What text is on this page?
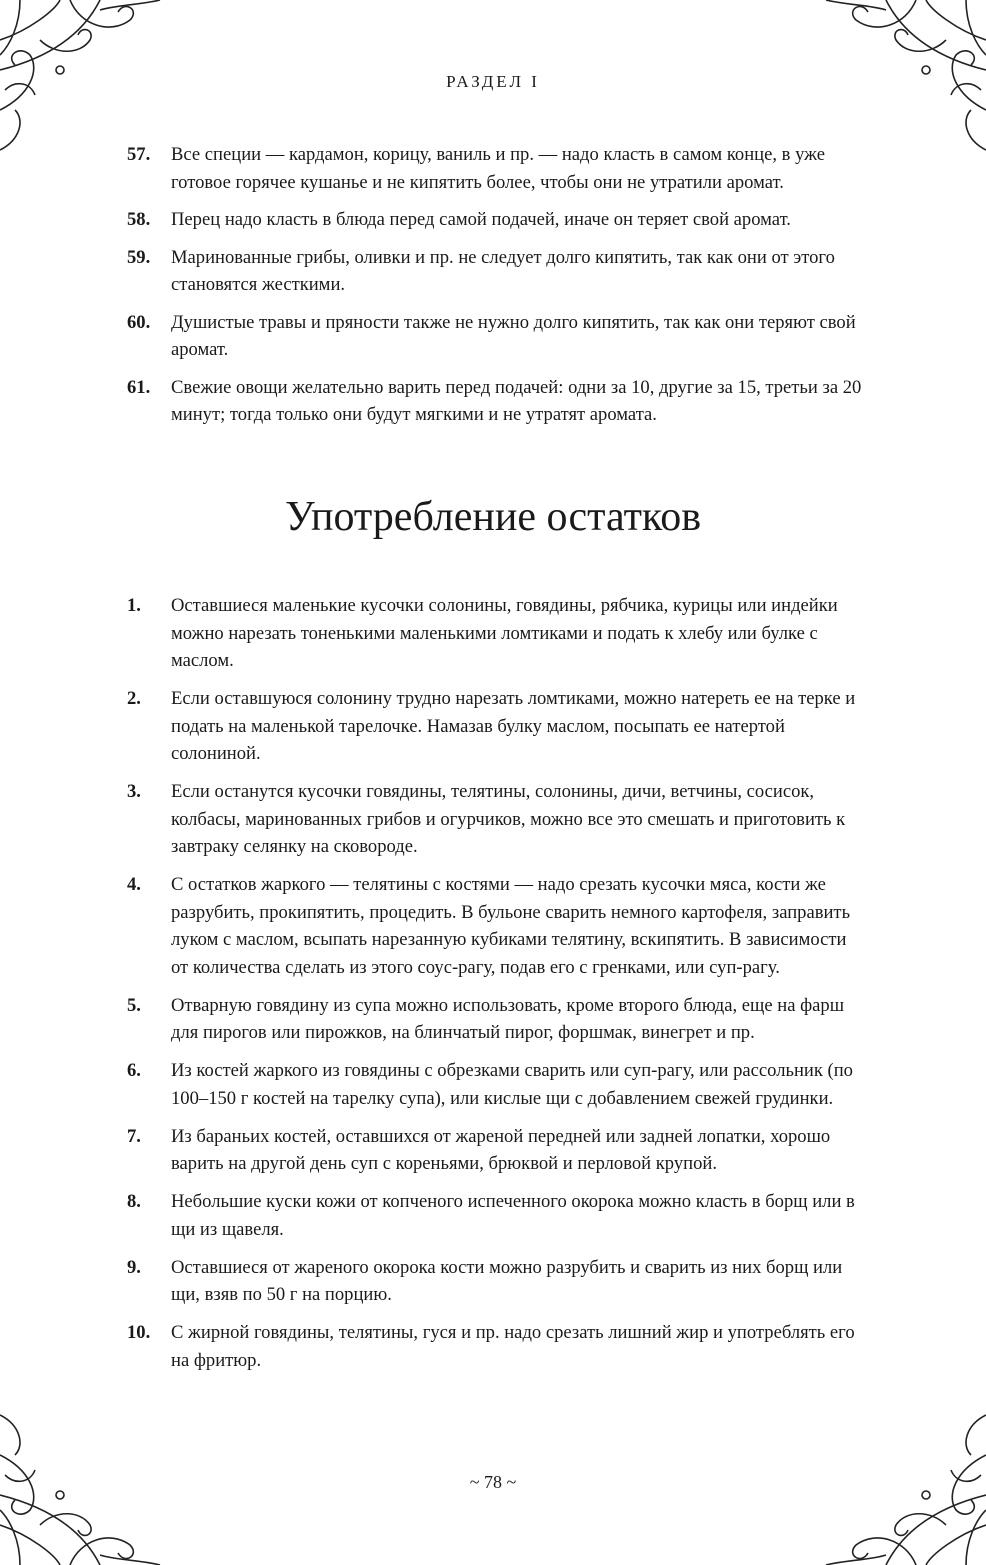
РАЗДЕЛ I
57.	Все специи — кардамон, корицу, ваниль и пр. — надо класть в самом конце, в уже готовое горячее кушанье и не кипятить более, чтобы они не утратили аромат.
58.	Перец надо класть в блюда перед самой подачей, иначе он теряет свой аромат.
59.	Маринованные грибы, оливки и пр. не следует долго кипятить, так как они от этого становятся жесткими.
60.	Душистые травы и пряности также не нужно долго кипятить, так как они теряют свой аромат.
61.	Свежие овощи желательно варить перед подачей: одни за 10, другие за 15, третьи за 20 минут; тогда только они будут мягкими и не утратят аромата.
Употребление остатков
1.	Оставшиеся маленькие кусочки солонины, говядины, рябчика, курицы или индейки можно нарезать тоненькими маленькими ломтиками и подать к хлебу или булке с маслом.
2.	Если оставшуюся солонину трудно нарезать ломтиками, можно натереть ее на терке и подать на маленькой тарелочке. Намазав булку маслом, посыпать ее натертой солониной.
3.	Если останутся кусочки говядины, телятины, солонины, дичи, ветчины, сосисок, колбасы, маринованных грибов и огурчиков, можно все это смешать и приготовить к завтраку селянку на сковороде.
4.	С остатков жаркого — телятины с костями — надо срезать кусочки мяса, кости же разрубить, прокипятить, процедить. В бульоне сварить немного картофеля, заправить луком с маслом, всыпать нарезанную кубиками телятину, вскипятить. В зависимости от количества сделать из этого соус-рагу, подав его с гренками, или суп-рагу.
5.	Отварную говядину из супа можно использовать, кроме второго блюда, еще на фарш для пирогов или пирожков, на блинчатый пирог, форшмак, винегрет и пр.
6.	Из костей жаркого из говядины с обрезками сварить или суп-рагу, или рассольник (по 100–150 г костей на тарелку супа), или кислые щи с добавлением свежей грудинки.
7.	Из бараньих костей, оставшихся от жареной передней или задней лопатки, хорошо варить на другой день суп с кореньями, брюквой и перловой крупой.
8.	Небольшие куски кожи от копченого испеченного окорока можно класть в борщ или в щи из щавеля.
9.	Оставшиеся от жареного окорока кости можно разрубить и сварить из них борщ или щи, взяв по 50 г на порцию.
10.	С жирной говядины, телятины, гуся и пр. надо срезать лишний жир и употреблять его на фритюр.
~ 78 ~
